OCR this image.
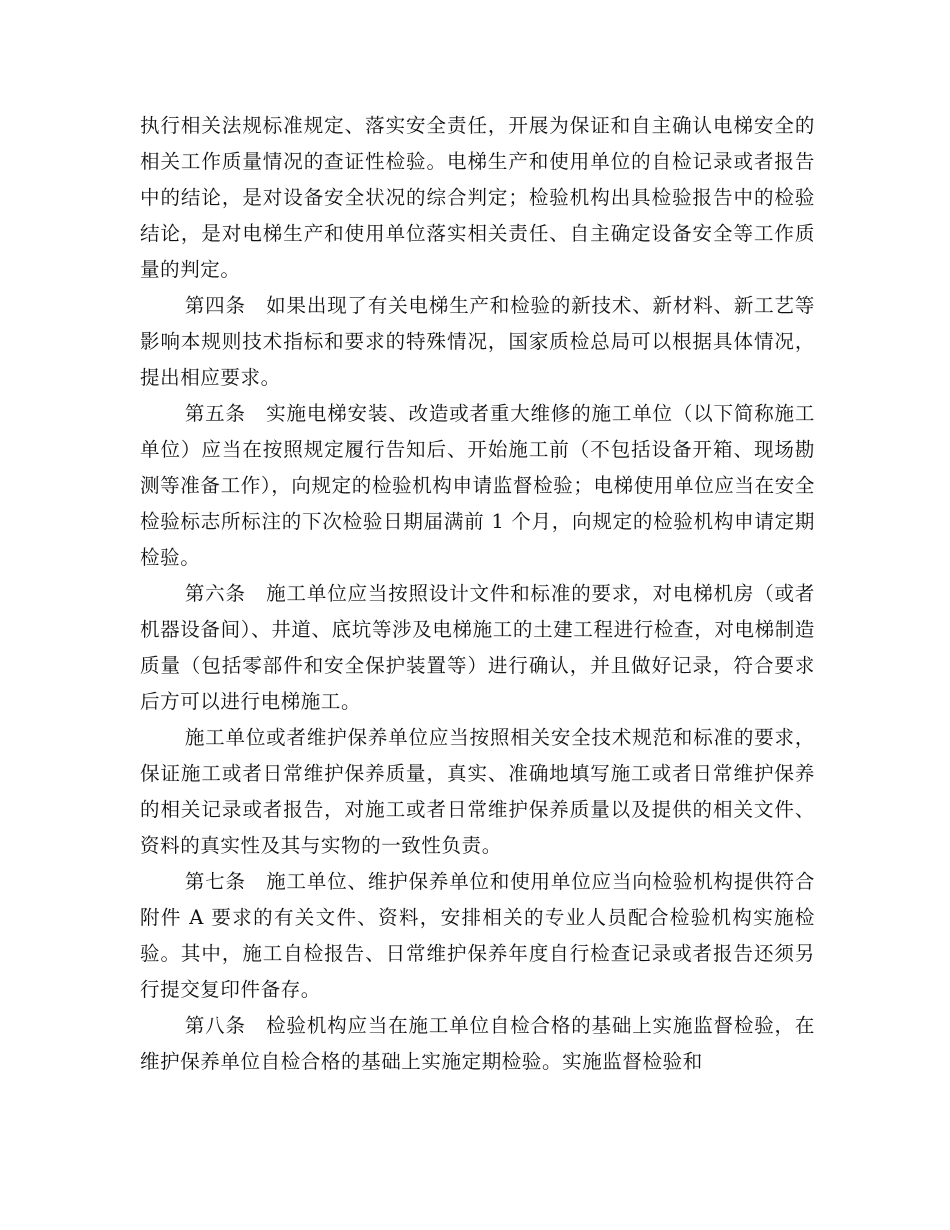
执行相关法规标准规定、落实安全责任，开展为保证和自主确认电梯安全的相关工作质量情况的查证性检验。电梯生产和使用单位的自检记录或者报告中的结论，是对设备安全状况的综合判定；检验机构出具检验报告中的检验结论，是对电梯生产和使用单位落实相关责任、自主确定设备安全等工作质量的判定。

第四条　如果出现了有关电梯生产和检验的新技术、新材料、新工艺等影响本规则技术指标和要求的特殊情况，国家质检总局可以根据具体情况，提出相应要求。

第五条　实施电梯安装、改造或者重大维修的施工单位（以下简称施工单位）应当在按照规定履行告知后、开始施工前（不包括设备开箱、现场勘测等准备工作），向规定的检验机构申请监督检验；电梯使用单位应当在安全检验标志所标注的下次检验日期届满前 1 个月，向规定的检验机构申请定期检验。

第六条　施工单位应当按照设计文件和标准的要求，对电梯机房（或者机器设备间）、井道、底坑等涉及电梯施工的土建工程进行检查，对电梯制造质量（包括零部件和安全保护装置等）进行确认，并且做好记录，符合要求后方可以进行电梯施工。

施工单位或者维护保养单位应当按照相关安全技术规范和标准的要求，保证施工或者日常维护保养质量，真实、准确地填写施工或者日常维护保养的相关记录或者报告，对施工或者日常维护保养质量以及提供的相关文件、资料的真实性及其与实物的一致性负责。

第七条　施工单位、维护保养单位和使用单位应当向检验机构提供符合附件 A 要求的有关文件、资料，安排相关的专业人员配合检验机构实施检验。其中，施工自检报告、日常维护保养年度自行检查记录或者报告还须另行提交复印件备存。

第八条　检验机构应当在施工单位自检合格的基础上实施监督检验，在维护保养单位自检合格的基础上实施定期检验。实施监督检验和
